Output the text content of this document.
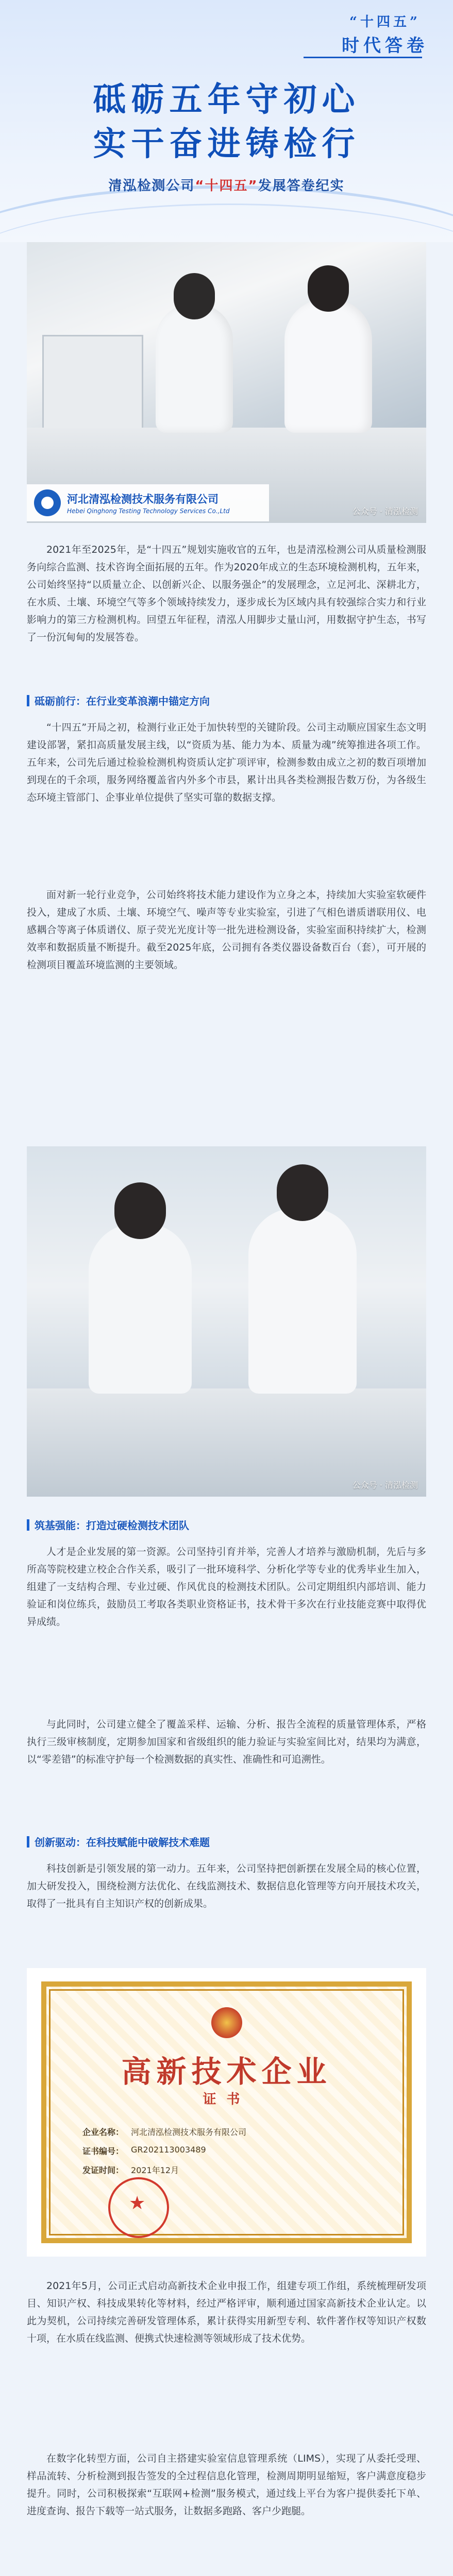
“十四五”
时代答卷
砥砺五年守初心
实干奋进铸检行
清泓检测公司“十四五”发展答卷纪实
公众号 · 清泓检测
河北清泓检测技术服务有限公司
Hebei Qinghong Testing Technology Services Co.,Ltd

2021年至2025年，是“十四五”规划实施收官的五年，也是清泓检测公司从质量检测服务向综合监测、技术咨询全面拓展的五年。作为2020年成立的生态环境检测机构，五年来，公司始终坚持“以质量立企、以创新兴企、以服务强企”的发展理念，立足河北、深耕北方，在水质、土壤、环境空气等多个领域持续发力，逐步成长为区域内具有较强综合实力和行业影响力的第三方检测机构。回望五年征程，清泓人用脚步丈量山河，用数据守护生态，书写了一份沉甸甸的发展答卷。

砥砺前行：在行业变革浪潮中锚定方向

“十四五”开局之初，检测行业正处于加快转型的关键阶段。公司主动顺应国家生态文明建设部署，紧扣高质量发展主线，以“资质为基、能力为本、质量为魂”统筹推进各项工作。五年来，公司先后通过检验检测机构资质认定扩项评审，检测参数由成立之初的数百项增加到现在的千余项，服务网络覆盖省内外多个市县，累计出具各类检测报告数万份，为各级生态环境主管部门、企事业单位提供了坚实可靠的数据支撑。

面对新一轮行业竞争，公司始终将技术能力建设作为立身之本，持续加大实验室软硬件投入，建成了水质、土壤、环境空气、噪声等专业实验室，引进了气相色谱质谱联用仪、电感耦合等离子体质谱仪、原子荧光光度计等一批先进检测设备，实验室面积持续扩大，检测效率和数据质量不断提升。截至2025年底，公司拥有各类仪器设备数百台（套），可开展的检测项目覆盖环境监测的主要领域。

公众号 · 清泓检测
筑基强能：打造过硬检测技术团队

人才是企业发展的第一资源。公司坚持引育并举，完善人才培养与激励机制，先后与多所高等院校建立校企合作关系，吸引了一批环境科学、分析化学等专业的优秀毕业生加入，组建了一支结构合理、专业过硬、作风优良的检测技术团队。公司定期组织内部培训、能力验证和岗位练兵，鼓励员工考取各类职业资格证书，技术骨干多次在行业技能竞赛中取得优异成绩。

与此同时，公司建立健全了覆盖采样、运输、分析、报告全流程的质量管理体系，严格执行三级审核制度，定期参加国家和省级组织的能力验证与实验室间比对，结果均为满意，以“零差错”的标准守护每一个检测数据的真实性、准确性和可追溯性。

创新驱动：在科技赋能中破解技术难题

科技创新是引领发展的第一动力。五年来，公司坚持把创新摆在发展全局的核心位置，加大研发投入，围绕检测方法优化、在线监测技术、数据信息化管理等方向开展技术攻关，取得了一批具有自主知识产权的创新成果。

高新技术企业
证书
企业名称： 河北清泓检测技术服务有限公司
证书编号： GR202113003489
发证时间： 2021年12月
★

2021年5月，公司正式启动高新技术企业申报工作，组建专项工作组，系统梳理研发项目、知识产权、科技成果转化等材料，经过严格评审，顺利通过国家高新技术企业认定。以此为契机，公司持续完善研发管理体系，累计获得实用新型专利、软件著作权等知识产权数十项，在水质在线监测、便携式快速检测等领域形成了技术优势。

在数字化转型方面，公司自主搭建实验室信息管理系统（LIMS），实现了从委托受理、样品流转、分析检测到报告签发的全过程信息化管理，检测周期明显缩短，客户满意度稳步提升。同时，公司积极探索“互联网+检测”服务模式，通过线上平台为客户提供委托下单、进度查询、报告下载等一站式服务，让数据多跑路、客户少跑腿。
